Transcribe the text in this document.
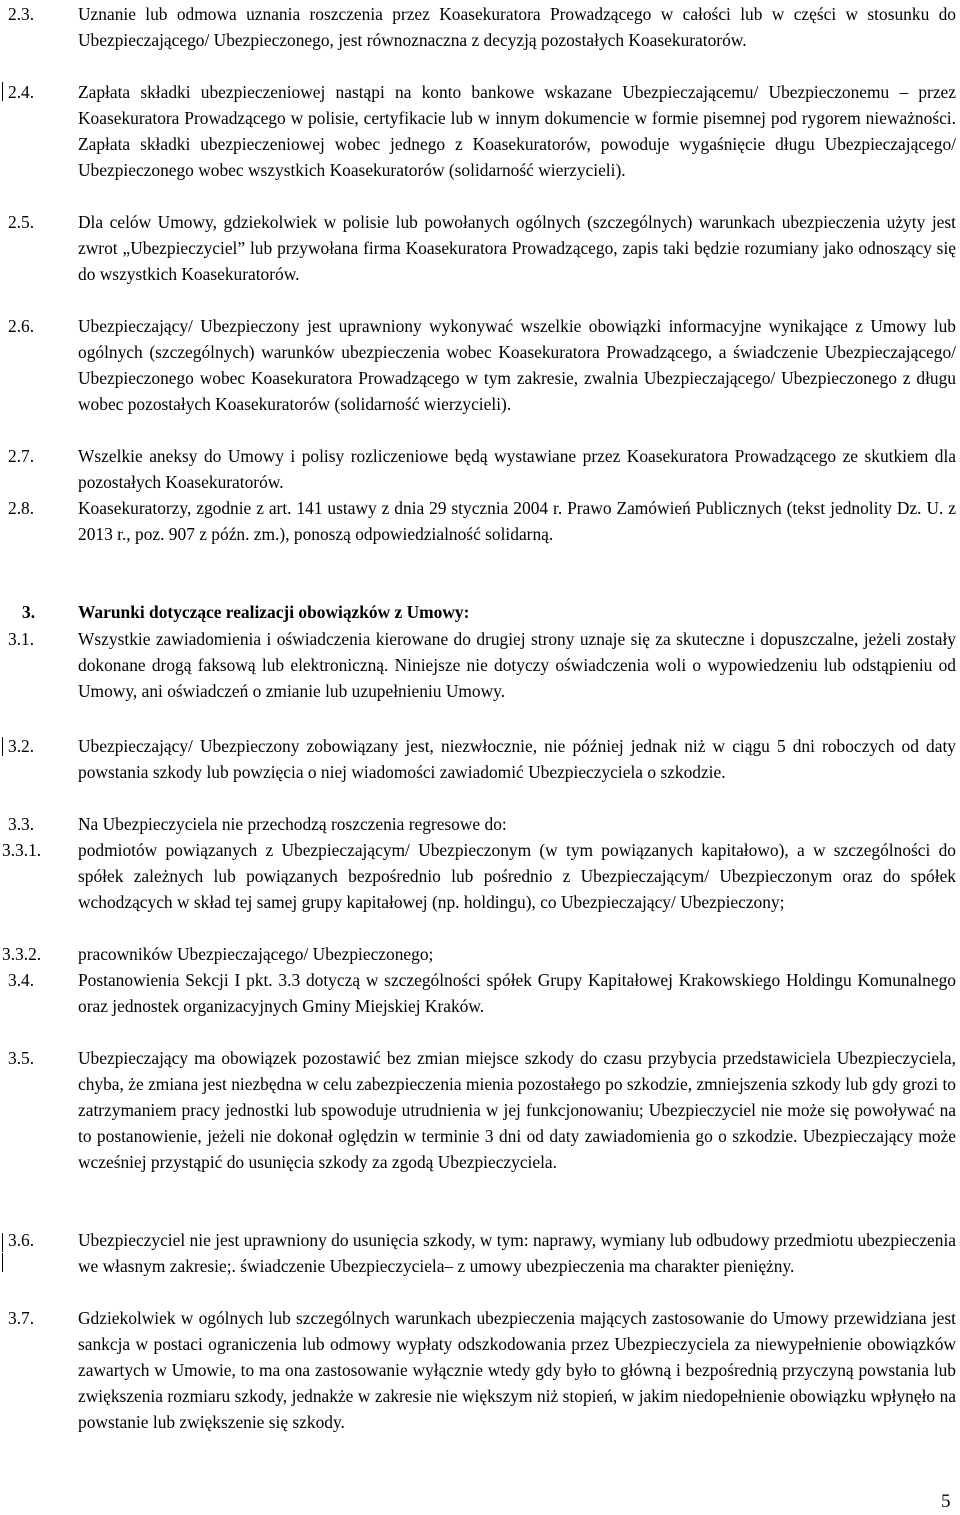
2.3.	Uznanie lub odmowa uznania roszczenia przez Koasekuratora Prowadzącego w całości lub w części w stosunku do Ubezpieczającego/ Ubezpieczonego, jest równoznaczna z decyzją pozostałych Koasekuratorów.
2.4.	Zapłata składki ubezpieczeniowej nastąpi na konto bankowe wskazane Ubezpieczającemu/ Ubezpieczonemu – przez Koasekuratora Prowadzącego w polisie, certyfikacie lub w innym dokumencie w formie pisemnej pod rygorem nieważności. Zapłata składki ubezpieczeniowej wobec jednego z Koasekuratorów, powoduje wygaśnięcie długu Ubezpieczającego/ Ubezpieczonego wobec wszystkich Koasekuratorów (solidarność wierzycieli).
2.5.	Dla celów Umowy, gdziekolwiek w polisie lub powołanych ogólnych (szczególnych) warunkach ubezpieczenia użyty jest zwrot „Ubezpieczyciel” lub przywołana firma Koasekuratora Prowadzącego, zapis taki będzie rozumiany jako odnoszący się do wszystkich Koasekuratorów.
2.6.	Ubezpieczający/ Ubezpieczony jest uprawniony wykonywać wszelkie obowiązki informacyjne wynikające z Umowy lub ogólnych (szczególnych) warunków ubezpieczenia wobec Koasekuratora Prowadzącego, a świadczenie Ubezpieczającego/ Ubezpieczonego wobec Koasekuratora Prowadzącego w tym zakresie, zwalnia Ubezpieczającego/ Ubezpieczonego z długu wobec pozostałych Koasekuratorów (solidarność wierzycieli).
2.7.	Wszelkie aneksy do Umowy i polisy rozliczeniowe będą wystawiane przez Koasekuratora Prowadzącego ze skutkiem dla pozostałych Koasekuratorów.
2.8.	Koasekuratorzy, zgodnie z art. 141 ustawy z dnia 29 stycznia 2004 r. Prawo Zamówień Publicznych (tekst jednolity Dz. U. z 2013 r., poz. 907 z późn. zm.), ponoszą odpowiedzialność solidarną.
3. Warunki dotyczące realizacji obowiązków z Umowy:
3.1.	Wszystkie zawiadomienia i oświadczenia kierowane do drugiej strony uznaje się za skuteczne i dopuszczalne, jeżeli zostały dokonane drogą faksową lub elektroniczną. Niniejsze nie dotyczy oświadczenia woli o wypowiedzeniu lub odstąpieniu od Umowy, ani oświadczeń o zmianie lub uzupełnieniu Umowy.
3.2.	Ubezpieczający/ Ubezpieczony zobowiązany jest, niezwłocznie, nie później jednak niż w ciągu 5 dni roboczych od daty powstania szkody lub powzięcia o niej wiadomości zawiadomić Ubezpieczyciela o szkodzie.
3.3.	Na Ubezpieczyciela nie przechodzą roszczenia regresowe do:
3.3.1. podmiotów powiązanych z Ubezpieczającym/ Ubezpieczonym (w tym powiązanych kapitałowo), a w szczególności do spółek zależnych lub powiązanych bezpośrednio lub pośrednio z Ubezpieczającym/ Ubezpieczonym oraz do spółek wchodzących w skład tej samej grupy kapitałowej (np. holdingu), co Ubezpieczający/ Ubezpieczony;
3.3.2. pracowników Ubezpieczającego/ Ubezpieczonego;
3.4.	Postanowienia Sekcji I pkt. 3.3 dotyczą w szczególności spółek Grupy Kapitałowej Krakowskiego Holdingu Komunalnego oraz jednostek organizacyjnych Gminy Miejskiej Kraków.
3.5.	Ubezpieczający ma obowiązek pozostawić bez zmian miejsce szkody do czasu przybycia przedstawiciela Ubezpieczyciela, chyba, że zmiana jest niezbędna w celu zabezpieczenia mienia pozostałego po szkodzie, zmniejszenia szkody lub gdy grozi to zatrzymaniem pracy jednostki lub spowoduje utrudnienia w jej funkcjonowaniu; Ubezpieczyciel nie może się powoływać na to postanowienie, jeżeli nie dokonał oględzin w terminie 3 dni od daty zawiadomienia go o szkodzie. Ubezpieczający może wcześniej przystąpić do usunięcia szkody za zgodą Ubezpieczyciela.
3.6.	Ubezpieczyciel nie jest uprawniony do usunięcia szkody, w tym: naprawy, wymiany lub odbudowy przedmiotu ubezpieczenia we własnym zakresie;. świadczenie Ubezpieczyciela– z umowy ubezpieczenia ma charakter pieniężny.
3.7.	Gdziekolwiek w ogólnych lub szczególnych warunkach ubezpieczenia mających zastosowanie do Umowy przewidziana jest sankcja w postaci ograniczenia lub odmowy wypłaty odszkodowania przez Ubezpieczyciela za niewypełnienie obowiązków zawartych w Umowie, to ma ona zastosowanie wyłącznie wtedy gdy było to główną i bezpośrednią przyczyną powstania lub zwiększenia rozmiaru szkody, jednakże w zakresie nie większym niż stopień, w jakim niedopełnienie obowiązku wpłynęło na powstanie lub zwiększenie się szkody.
5
